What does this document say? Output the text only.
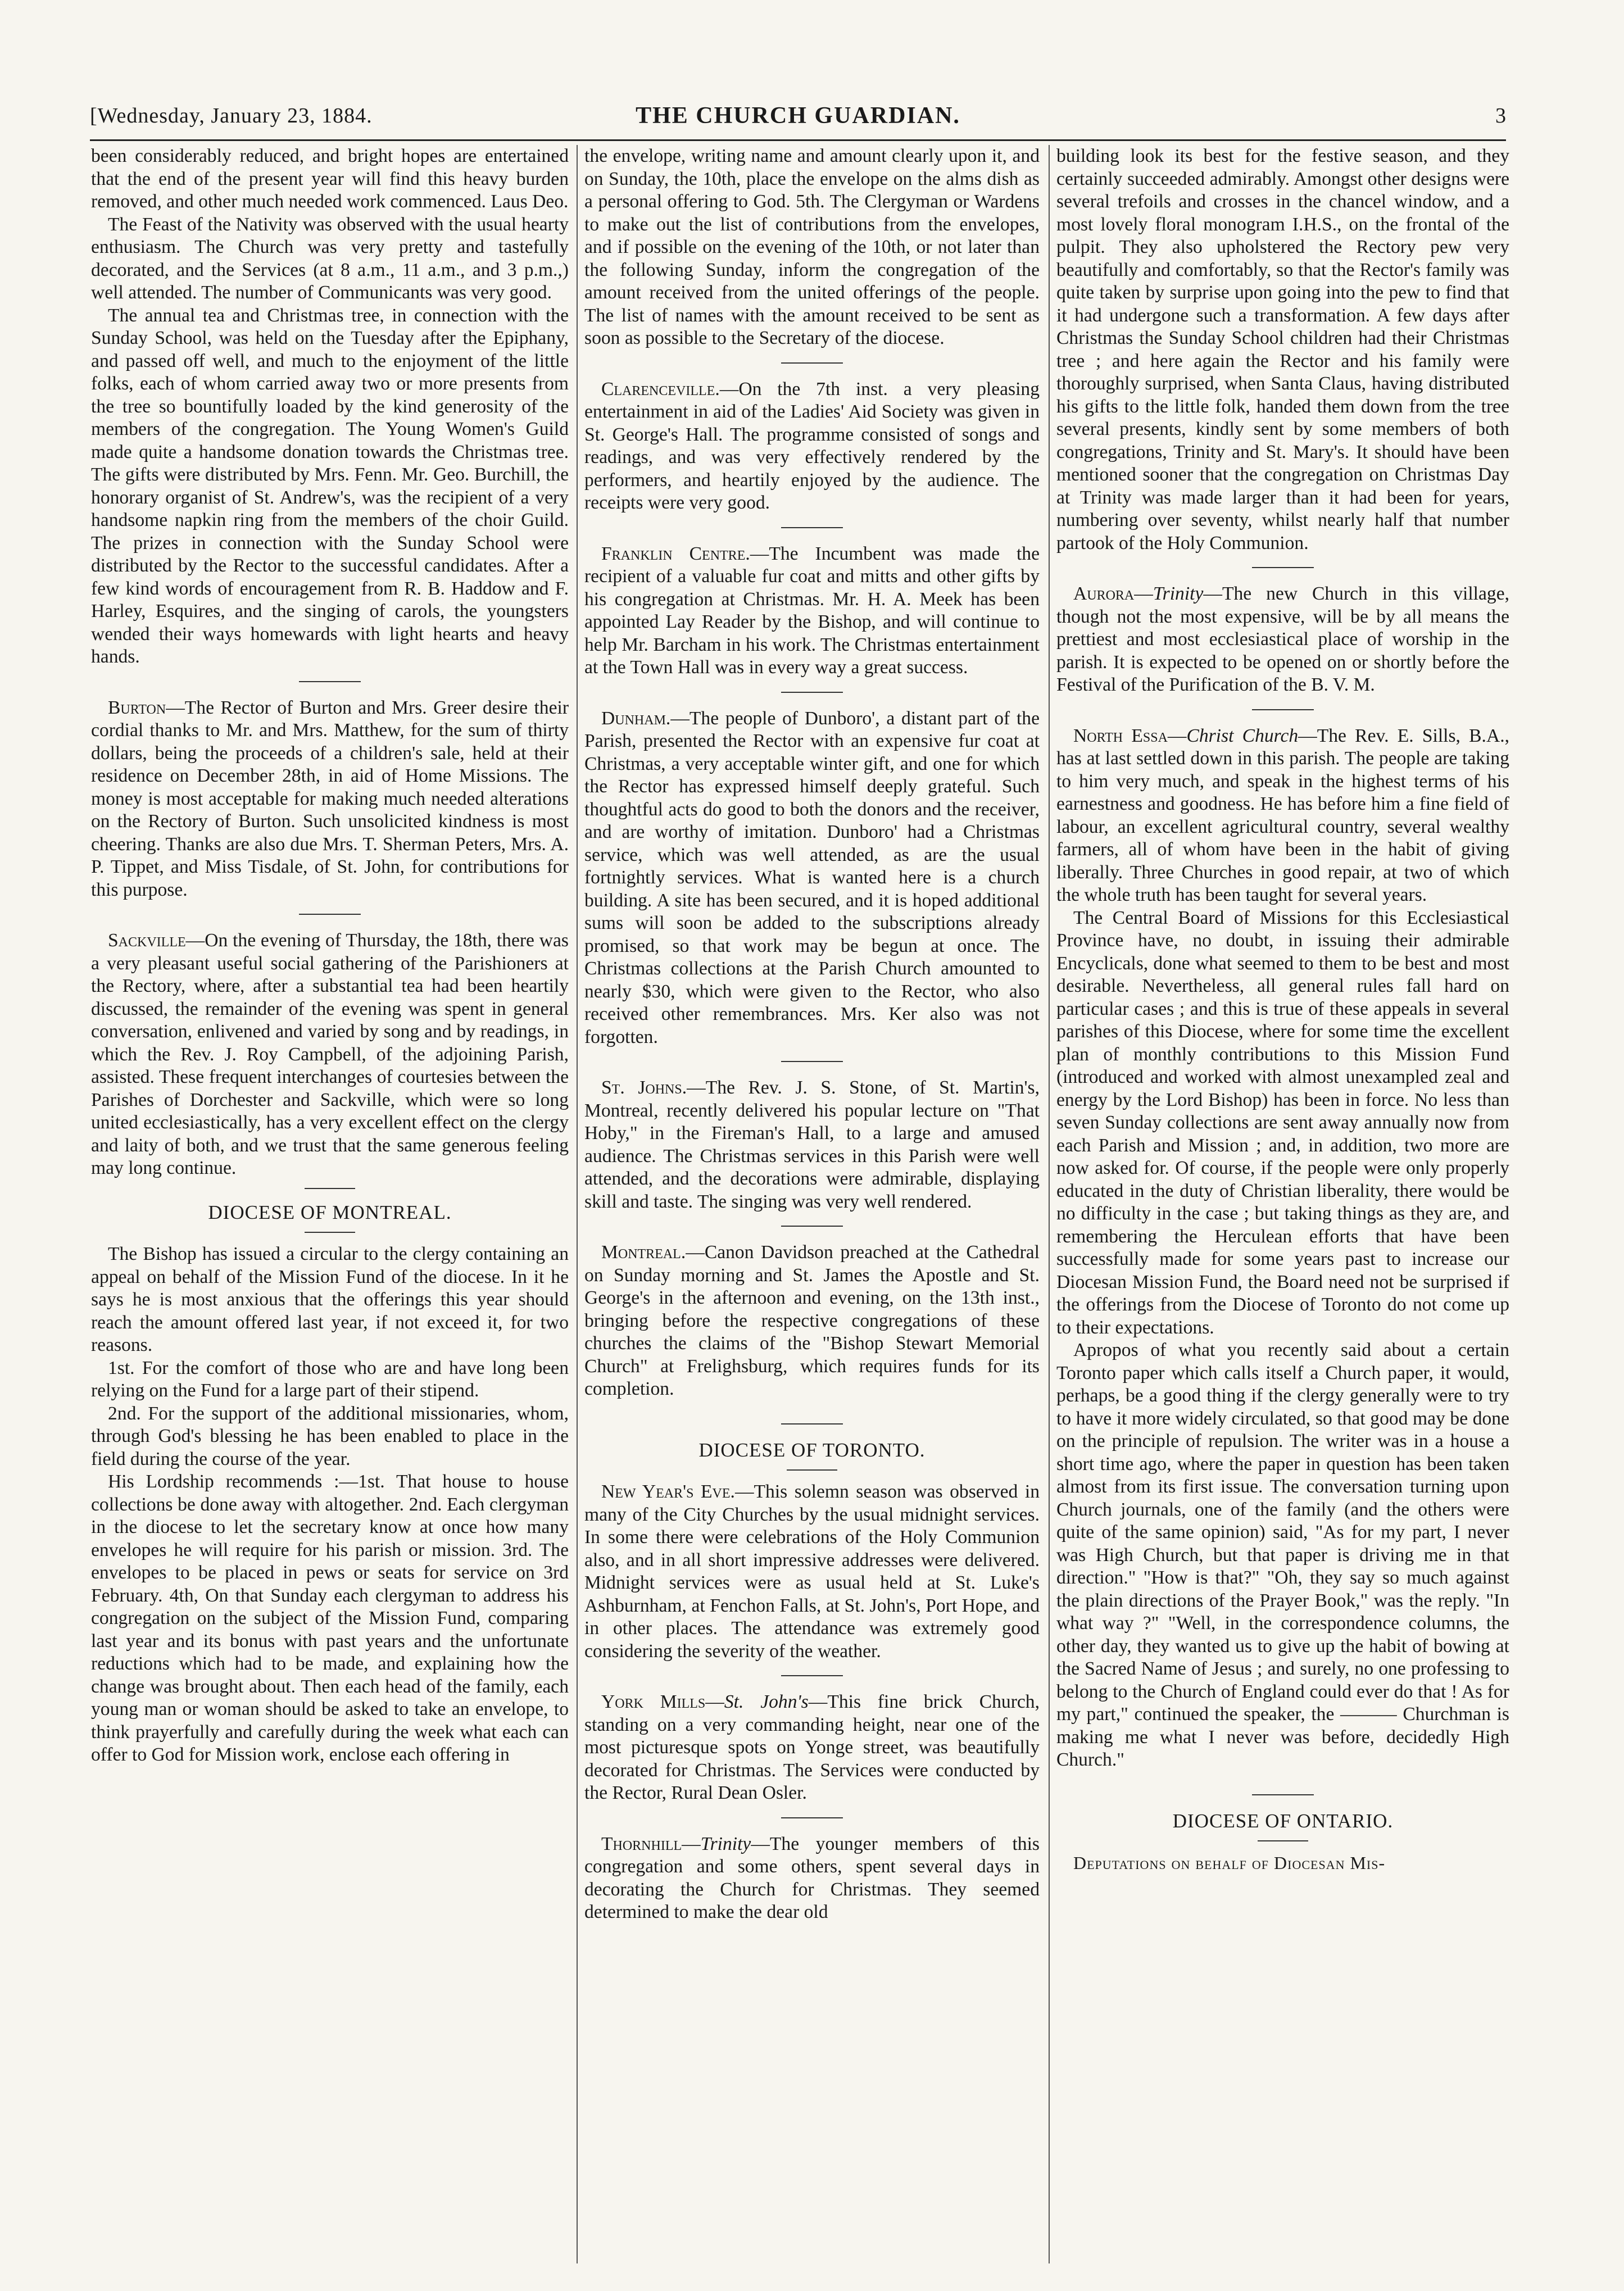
[Wednesday, January 23, 1884.	THE CHURCH GUARDIAN.	3

been considerably reduced, and bright hopes are entertained that the end of the present year will find this heavy burden removed, and other much needed work commenced. Laus Deo.

The Feast of the Nativity was observed with the usual hearty enthusiasm. The Church was very pretty and tastefully decorated, and the Services (at 8 a.m., 11 a.m., and 3 p.m.,) well attended. The number of Communicants was very good.

The annual tea and Christmas tree, in connection with the Sunday School, was held on the Tuesday after the Epiphany, and passed off well, and much to the enjoyment of the little folks, each of whom carried away two or more presents from the tree so bountifully loaded by the kind generosity of the members of the congregation. The Young Women's Guild made quite a handsome donation towards the Christmas tree. The gifts were distributed by Mrs. Fenn. Mr. Geo. Burchill, the honorary organist of St. Andrew's, was the recipient of a very handsome napkin ring from the members of the choir Guild. The prizes in connection with the Sunday School were distributed by the Rector to the successful candidates. After a few kind words of encouragement from R. B. Haddow and F. Harley, Esquires, and the singing of carols, the youngsters wended their ways homewards with light hearts and heavy hands.

Burton—The Rector of Burton and Mrs. Greer desire their cordial thanks to Mr. and Mrs. Matthew, for the sum of thirty dollars, being the proceeds of a children's sale, held at their residence on December 28th, in aid of Home Missions. The money is most acceptable for making much needed alterations on the Rectory of Burton. Such unsolicited kindness is most cheering. Thanks are also due Mrs. T. Sherman Peters, Mrs. A. P. Tippet, and Miss Tisdale, of St. John, for contributions for this purpose.

Sackville—On the evening of Thursday, the 18th, there was a very pleasant useful social gathering of the Parishioners at the Rectory, where, after a substantial tea had been heartily discussed, the remainder of the evening was spent in general conversation, enlivened and varied by song and by readings, in which the Rev. J. Roy Campbell, of the adjoining Parish, assisted. These frequent interchanges of courtesies between the Parishes of Dorchester and Sackville, which were so long united ecclesiastically, has a very excellent effect on the clergy and laity of both, and we trust that the same generous feeling may long continue.

DIOCESE OF MONTREAL.

The Bishop has issued a circular to the clergy containing an appeal on behalf of the Mission Fund of the diocese. In it he says he is most anxious that the offerings this year should reach the amount offered last year, if not exceed it, for two reasons.

1st. For the comfort of those who are and have long been relying on the Fund for a large part of their stipend.

2nd. For the support of the additional missionaries, whom, through God's blessing he has been enabled to place in the field during the course of the year.

His Lordship recommends :—1st. That house to house collections be done away with altogether. 2nd. Each clergyman in the diocese to let the secretary know at once how many envelopes he will require for his parish or mission. 3rd. The envelopes to be placed in pews or seats for service on 3rd February. 4th, On that Sunday each clergyman to address his congregation on the subject of the Mission Fund, comparing last year and its bonus with past years and the unfortunate reductions which had to be made, and explaining how the change was brought about. Then each head of the family, each young man or woman should be asked to take an envelope, to think prayerfully and carefully during the week what each can offer to God for Mission work, enclose each offering in

the envelope, writing name and amount clearly upon it, and on Sunday, the 10th, place the envelope on the alms dish as a personal offering to God. 5th. The Clergyman or Wardens to make out the list of contributions from the envelopes, and if possible on the evening of the 10th, or not later than the following Sunday, inform the congregation of the amount received from the united offerings of the people. The list of names with the amount received to be sent as soon as possible to the Secretary of the diocese.

Clarenceville.—On the 7th inst. a very pleasing entertainment in aid of the Ladies' Aid Society was given in St. George's Hall. The programme consisted of songs and readings, and was very effectively rendered by the performers, and heartily enjoyed by the audience. The receipts were very good.

Franklin Centre.—The Incumbent was made the recipient of a valuable fur coat and mitts and other gifts by his congregation at Christmas. Mr. H. A. Meek has been appointed Lay Reader by the Bishop, and will continue to help Mr. Barcham in his work. The Christmas entertainment at the Town Hall was in every way a great success.

Dunham.—The people of Dunboro', a distant part of the Parish, presented the Rector with an expensive fur coat at Christmas, a very acceptable winter gift, and one for which the Rector has expressed himself deeply grateful. Such thoughtful acts do good to both the donors and the receiver, and are worthy of imitation. Dunboro' had a Christmas service, which was well attended, as are the usual fortnightly services. What is wanted here is a church building. A site has been secured, and it is hoped additional sums will soon be added to the subscriptions already promised, so that work may be begun at once. The Christmas collections at the Parish Church amounted to nearly $30, which were given to the Rector, who also received other remembrances. Mrs. Ker also was not forgotten.

St. Johns.—The Rev. J. S. Stone, of St. Martin's, Montreal, recently delivered his popular lecture on "That Hoby," in the Fireman's Hall, to a large and amused audience. The Christmas services in this Parish were well attended, and the decorations were admirable, displaying skill and taste. The singing was very well rendered.

Montreal.—Canon Davidson preached at the Cathedral on Sunday morning and St. James the Apostle and St. George's in the afternoon and evening, on the 13th inst., bringing before the respective congregations of these churches the claims of the "Bishop Stewart Memorial Church" at Frelighsburg, which requires funds for its completion.

DIOCESE OF TORONTO.

New Year's Eve.—This solemn season was observed in many of the City Churches by the usual midnight services. In some there were celebrations of the Holy Communion also, and in all short impressive addresses were delivered. Midnight services were as usual held at St. Luke's Ashburnham, at Fenchon Falls, at St. John's, Port Hope, and in other places. The attendance was extremely good considering the severity of the weather.

York Mills—St. John's—This fine brick Church, standing on a very commanding height, near one of the most picturesque spots on Yonge street, was beautifully decorated for Christmas. The Services were conducted by the Rector, Rural Dean Osler.

Thornhill—Trinity—The younger members of this congregation and some others, spent several days in decorating the Church for Christmas. They seemed determined to make the dear old

building look its best for the festive season, and they certainly succeeded admirably. Amongst other designs were several trefoils and crosses in the chancel window, and a most lovely floral monogram I.H.S., on the frontal of the pulpit. They also upholstered the Rectory pew very beautifully and comfortably, so that the Rector's family was quite taken by surprise upon going into the pew to find that it had undergone such a transformation. A few days after Christmas the Sunday School children had their Christmas tree ; and here again the Rector and his family were thoroughly surprised, when Santa Claus, having distributed his gifts to the little folk, handed them down from the tree several presents, kindly sent by some members of both congregations, Trinity and St. Mary's. It should have been mentioned sooner that the congregation on Christmas Day at Trinity was made larger than it had been for years, numbering over seventy, whilst nearly half that number partook of the Holy Communion.

Aurora—Trinity—The new Church in this village, though not the most expensive, will be by all means the prettiest and most ecclesiastical place of worship in the parish. It is expected to be opened on or shortly before the Festival of the Purification of the B. V. M.

North Essa—Christ Church—The Rev. E. Sills, B.A., has at last settled down in this parish. The people are taking to him very much, and speak in the highest terms of his earnestness and goodness. He has before him a fine field of labour, an excellent agricultural country, several wealthy farmers, all of whom have been in the habit of giving liberally. Three Churches in good repair, at two of which the whole truth has been taught for several years.

The Central Board of Missions for this Ecclesiastical Province have, no doubt, in issuing their admirable Encyclicals, done what seemed to them to be best and most desirable. Nevertheless, all general rules fall hard on particular cases ; and this is true of these appeals in several parishes of this Diocese, where for some time the excellent plan of monthly contributions to this Mission Fund (introduced and worked with almost unexampled zeal and energy by the Lord Bishop) has been in force. No less than seven Sunday collections are sent away annually now from each Parish and Mission ; and, in addition, two more are now asked for. Of course, if the people were only properly educated in the duty of Christian liberality, there would be no difficulty in the case ; but taking things as they are, and remembering the Herculean efforts that have been successfully made for some years past to increase our Diocesan Mission Fund, the Board need not be surprised if the offerings from the Diocese of Toronto do not come up to their expectations.

Apropos of what you recently said about a certain Toronto paper which calls itself a Church paper, it would, perhaps, be a good thing if the clergy generally were to try to have it more widely circulated, so that good may be done on the principle of repulsion. The writer was in a house a short time ago, where the paper in question has been taken almost from its first issue. The conversation turning upon Church journals, one of the family (and the others were quite of the same opinion) said, "As for my part, I never was High Church, but that paper is driving me in that direction." "How is that?" "Oh, they say so much against the plain directions of the Prayer Book," was the reply. "In what way ?" "Well, in the correspondence columns, the other day, they wanted us to give up the habit of bowing at the Sacred Name of Jesus ; and surely, no one professing to belong to the Church of England could ever do that ! As for my part," continued the speaker, the ——— Churchman is making me what I never was before, decidedly High Church."

DIOCESE OF ONTARIO.

Deputations on behalf of Diocesan Mis-
